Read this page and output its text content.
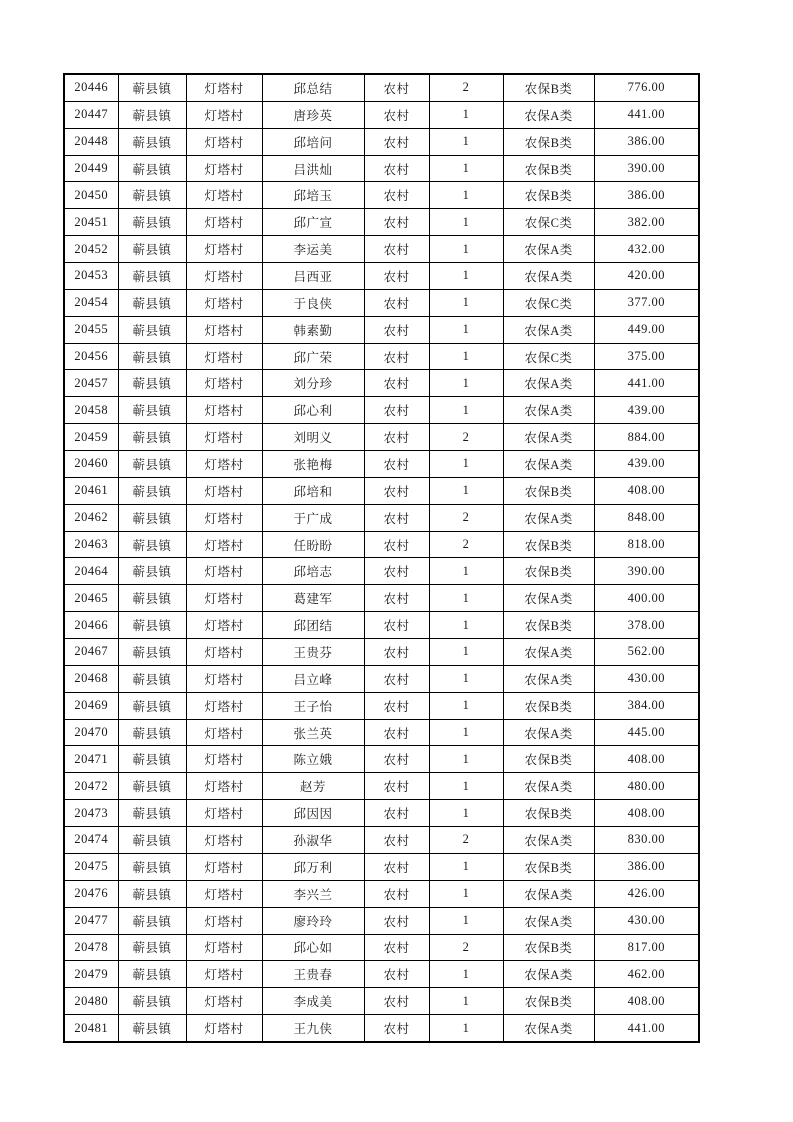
20446	蕲县镇	灯塔村	邱总结	农村	2	农保B类	776.00
20447	蕲县镇	灯塔村	唐珍英	农村	1	农保A类	441.00
20448	蕲县镇	灯塔村	邱培问	农村	1	农保B类	386.00
20449	蕲县镇	灯塔村	吕洪灿	农村	1	农保B类	390.00
20450	蕲县镇	灯塔村	邱培玉	农村	1	农保B类	386.00
20451	蕲县镇	灯塔村	邱广宣	农村	1	农保C类	382.00
20452	蕲县镇	灯塔村	李运美	农村	1	农保A类	432.00
20453	蕲县镇	灯塔村	吕西亚	农村	1	农保A类	420.00
20454	蕲县镇	灯塔村	于良侠	农村	1	农保C类	377.00
20455	蕲县镇	灯塔村	韩素勤	农村	1	农保A类	449.00
20456	蕲县镇	灯塔村	邱广荣	农村	1	农保C类	375.00
20457	蕲县镇	灯塔村	刘分珍	农村	1	农保A类	441.00
20458	蕲县镇	灯塔村	邱心利	农村	1	农保A类	439.00
20459	蕲县镇	灯塔村	刘明义	农村	2	农保A类	884.00
20460	蕲县镇	灯塔村	张艳梅	农村	1	农保A类	439.00
20461	蕲县镇	灯塔村	邱培和	农村	1	农保B类	408.00
20462	蕲县镇	灯塔村	于广成	农村	2	农保A类	848.00
20463	蕲县镇	灯塔村	任盼盼	农村	2	农保B类	818.00
20464	蕲县镇	灯塔村	邱培志	农村	1	农保B类	390.00
20465	蕲县镇	灯塔村	葛建军	农村	1	农保A类	400.00
20466	蕲县镇	灯塔村	邱团结	农村	1	农保B类	378.00
20467	蕲县镇	灯塔村	王贵芬	农村	1	农保A类	562.00
20468	蕲县镇	灯塔村	吕立峰	农村	1	农保A类	430.00
20469	蕲县镇	灯塔村	王子怡	农村	1	农保B类	384.00
20470	蕲县镇	灯塔村	张兰英	农村	1	农保A类	445.00
20471	蕲县镇	灯塔村	陈立娥	农村	1	农保B类	408.00
20472	蕲县镇	灯塔村	赵芳	农村	1	农保A类	480.00
20473	蕲县镇	灯塔村	邱因因	农村	1	农保B类	408.00
20474	蕲县镇	灯塔村	孙淑华	农村	2	农保A类	830.00
20475	蕲县镇	灯塔村	邱万利	农村	1	农保B类	386.00
20476	蕲县镇	灯塔村	李兴兰	农村	1	农保A类	426.00
20477	蕲县镇	灯塔村	廖玲玲	农村	1	农保A类	430.00
20478	蕲县镇	灯塔村	邱心如	农村	2	农保B类	817.00
20479	蕲县镇	灯塔村	王贵春	农村	1	农保A类	462.00
20480	蕲县镇	灯塔村	李成美	农村	1	农保B类	408.00
20481	蕲县镇	灯塔村	王九侠	农村	1	农保A类	441.00
